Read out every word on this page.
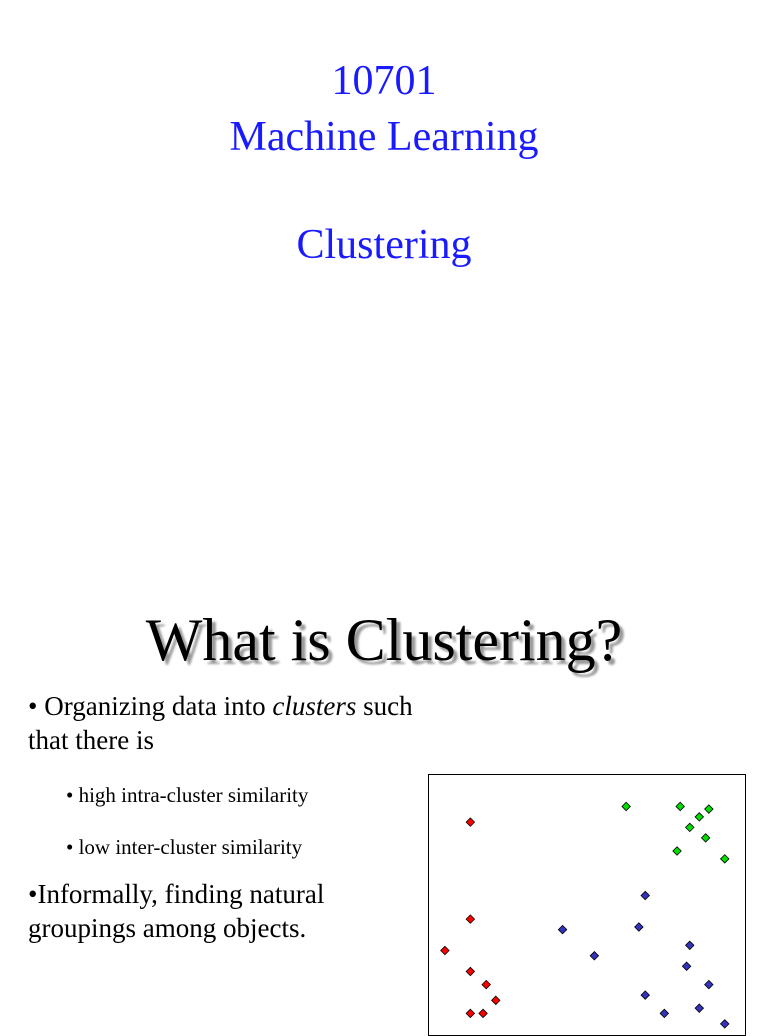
10701
Machine Learning
Clustering
What is Clustering?
• Organizing data into clusters such that there is
• high intra-cluster similarity
• low inter-cluster similarity
•Informally, finding natural groupings among objects.
